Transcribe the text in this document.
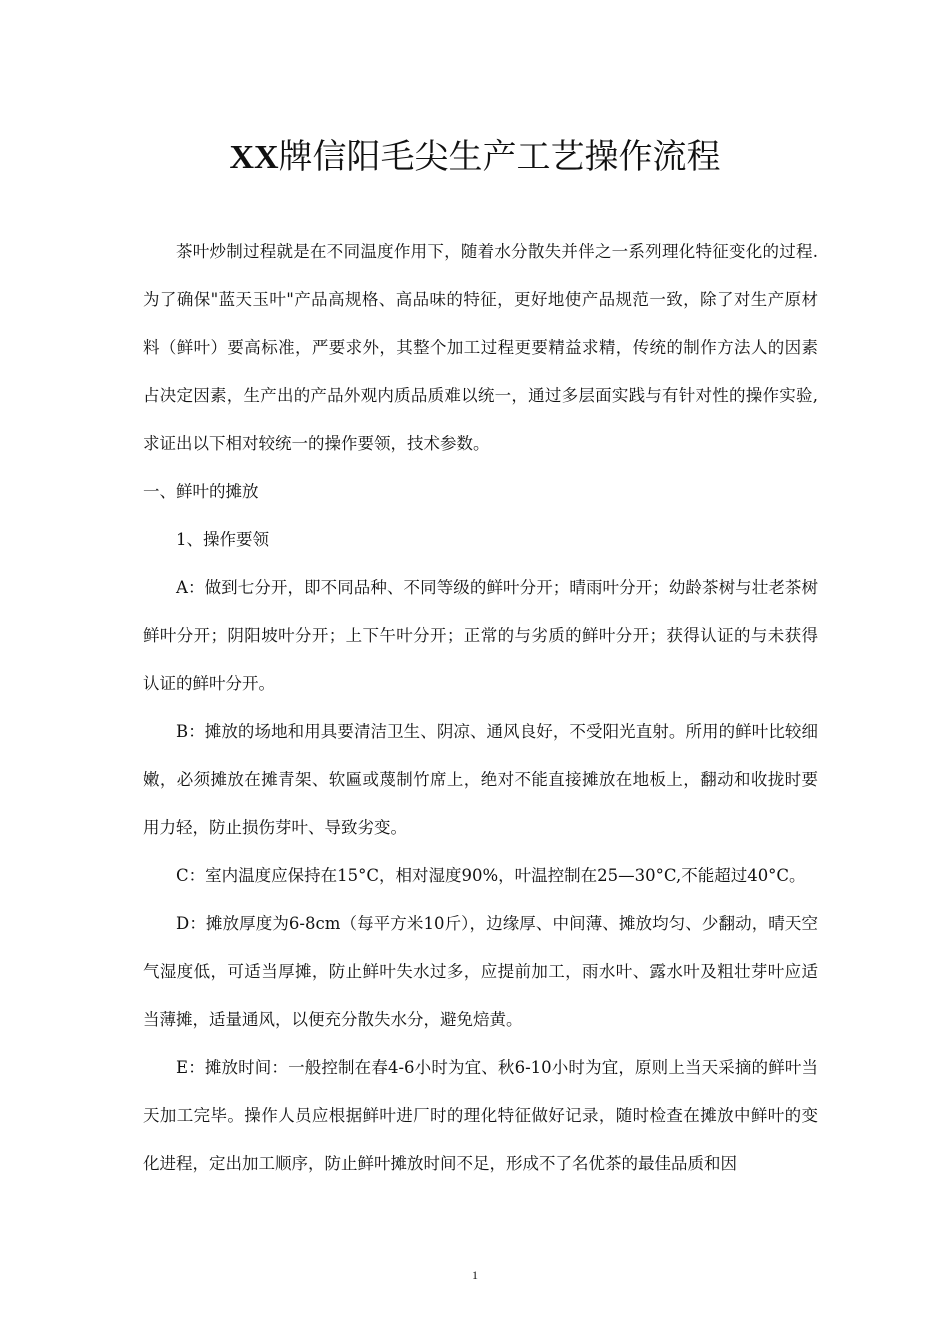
XX牌信阳毛尖生产工艺操作流程

茶叶炒制过程就是在不同温度作用下，随着水分散失并伴之一系列理化特征变化的过程.为了确保"蓝天玉叶"产品高规格、高品味的特征，更好地使产品规范一致，除了对生产原材料（鲜叶）要高标准，严要求外，其整个加工过程更要精益求精，传统的制作方法人的因素占决定因素，生产出的产品外观内质品质难以统一，通过多层面实践与有针对性的操作实验,求证出以下相对较统一的操作要领，技术参数。

一、鲜叶的摊放

1、操作要领

A：做到七分开，即不同品种、不同等级的鲜叶分开；晴雨叶分开；幼龄茶树与壮老茶树鲜叶分开；阴阳坡叶分开；上下午叶分开；正常的与劣质的鲜叶分开；获得认证的与未获得认证的鲜叶分开。

B：摊放的场地和用具要清洁卫生、阴凉、通风良好，不受阳光直射。所用的鲜叶比较细嫩，必须摊放在摊青架、软匾或蔑制竹席上，绝对不能直接摊放在地板上，翻动和收拢时要用力轻，防止损伤芽叶、导致劣变。

C：室内温度应保持在15°C，相对湿度90%，叶温控制在25—30°C,不能超过40°C。

D：摊放厚度为6-8cm（每平方米10斤），边缘厚、中间薄、摊放均匀、少翻动，晴天空气湿度低，可适当厚摊，防止鲜叶失水过多，应提前加工，雨水叶、露水叶及粗壮芽叶应适当薄摊，适量通风，以便充分散失水分，避免焙黄。

E：摊放时间：一般控制在春4-6小时为宜、秋6-10小时为宜，原则上当天采摘的鲜叶当天加工完毕。操作人员应根据鲜叶进厂时的理化特征做好记录，随时检查在摊放中鲜叶的变化进程，定出加工顺序，防止鲜叶摊放时间不足，形成不了名优茶的最佳品质和因

1
